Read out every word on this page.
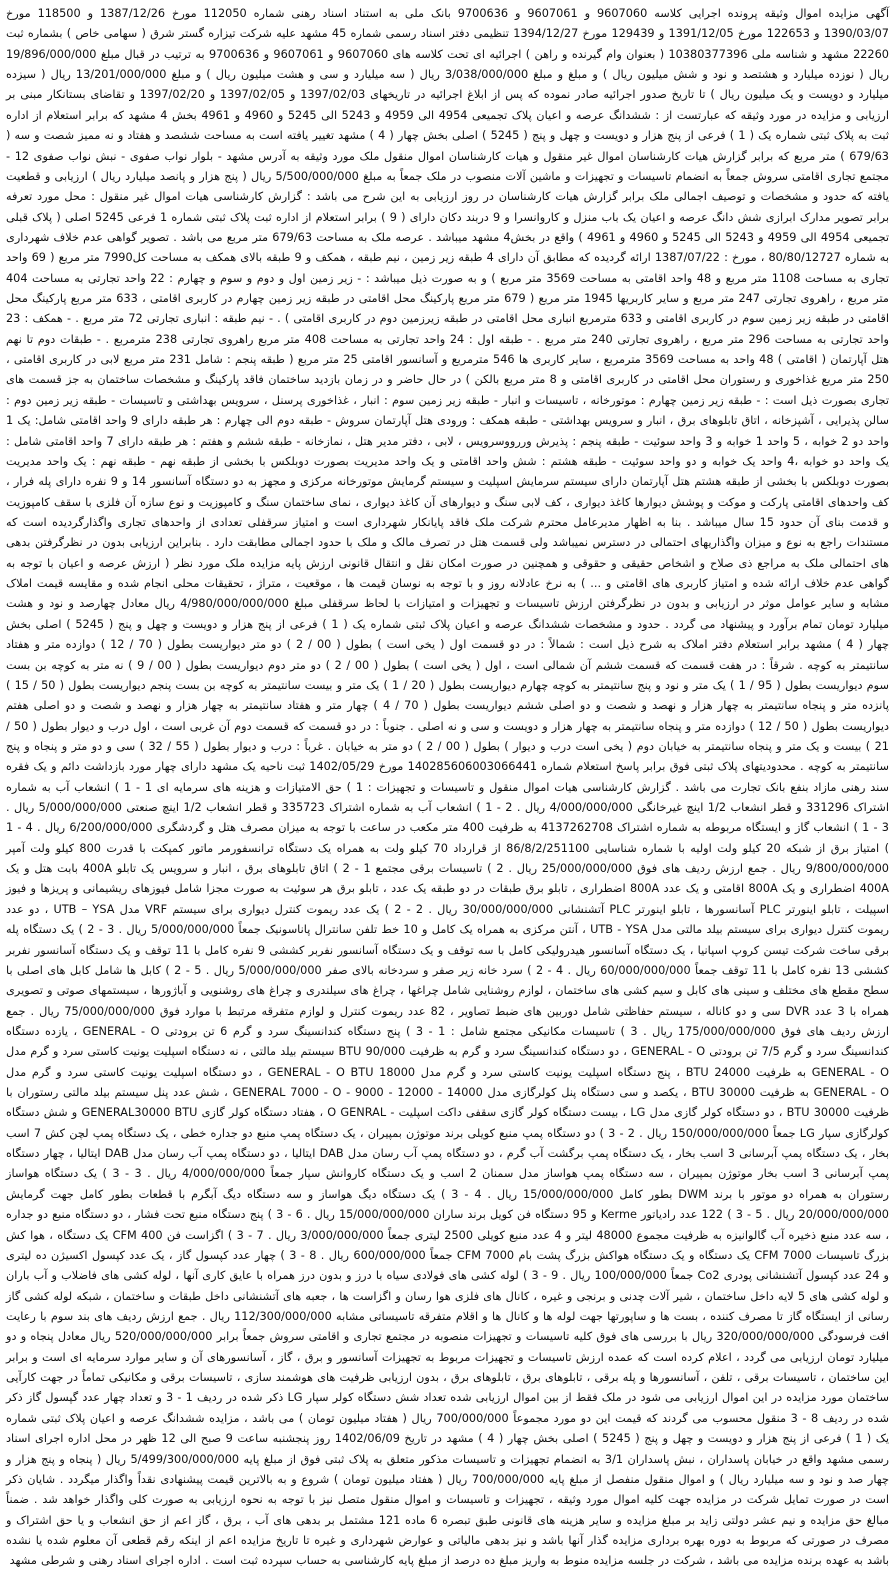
آگهی مزایده اموال وثیقه پرونده اجرایی کلاسه 9607060 و 9607061 و 9700636 بانک ملی به استناد اسناد رهنی شماره 112050 مورخ 1387/12/26 و 118500 مورخ 1390/03/07 و 122653 مورخ 1391/12/05 و 129439 مورخ 1394/12/27 تنظیمی دفتر اسناد رسمی شماره 45 مشهد علیه شرکت تیزاره گستر شرق ( سهامی خاص ) بشماره ثبت 22260 مشهد و شناسه ملی 10380377396 ( بعنوان وام گیرنده و راهن ) اجرائیه ای تحت کلاسه های 9607060 و 9607061 و 9700636 به ترتیب در قبال مبلغ 19/896/000/000 ریال ( نوزده میلیارد و هشتصد و نود و شش میلیون ریال ) و مبلغ و مبلغ 3/038/000/000 ریال ( سه میلیارد و سی و هشت میلیون ریال ) و مبلغ 13/201/000/000 ریال ( سیزده میلیارد و دویست و یک میلیون ریال ) تا تاریخ صدور اجرائیه صادر نموده که پس از ابلاغ اجرائیه در تاریخهای 1397/02/03 و 1397/02/05 و 1397/02/20 و تقاضای بستانکار مبنی بر ارزیابی و مزایده در مورد وثیقه که عبارتست از : ششدانگ عرصه و اعیان پلاک تجمیعی 4954 الی 4959 و 5243 الی 5245 و 4960 و 4961 بخش 4 مشهد که برابر استعلام از اداره ثبت به پلاک ثبتی شماره یک ( 1 ) فرعی از پنج هزار و دویست و چهل و پنج ( 5245 ) اصلی بخش چهار ( 4 ) مشهد تغییر یافته است به مساحت ششصد و هفتاد و نه ممیز شصت و سه ( 679/63 ) متر مربع که برابر گزارش هیات کارشناسان اموال غیر منقول و هیات کارشناسان اموال منقول ملک مورد وثیقه به آدرس مشهد - بلوار نواب صفوی - نبش نواب صفوی 12 - مجتمع تجاری اقامتی سروش جمعاً به انضمام تاسیسات و تجهیزات و ماشین آلات منصوب در ملک جمعاً به مبلغ 5/500/000/000 ریال ( پنج هزار و پانصد میلیارد ریال ) ارزیابی و قطعیت یافته که حدود و مشخصات و توصیف اجمالی ملک برابر گزارش هیات کارشناسان در روز ارزیابی به این شرح می باشد : گزارش کارشناسی هیات اموال غیر منقول : محل مورد تعرفه برابر تصویر مدارک ابرازی شش دانگ عرصه و اعیان یک باب منزل و کاروانسرا و 9 دربند دکان دارای ( 9 ) برابر استعلام از اداره ثبت پلاک ثبتی شماره 1 فرعی 5245 اصلی ( پلاک قبلی تجمیعی 4954 الی 4959 و 5243 الی 5245 و 4960 و 4961 ) واقع در بخش4 مشهد میباشد . عرصه ملک به مساحت 679/63 متر مربع می باشد . تصویر گواهی عدم خلاف شهرداری به شماره 80/80/12727 ، مورخ : 1387/07/22 ارائه گردیده که مطابق آن دارای 4 طبقه زیر زمین ، نیم طبقه ، همکف و 9 طبقه بالای همکف به مساحت کل7990 متر مربع ( 69 واحد تجاری به مساحت 1108 متر مربع و 48 واحد اقامتی به مساحت 3569 متر مربع ) و به صورت ذیل میباشد : - زیر زمین اول و دوم و سوم و چهارم : 22 واحد تجارتی به مساحت 404 متر مربع ، راهروی تجارتی 247 متر مربع و سایر کاربریها 1945 متر مربع ( 679 متر مربع پارکینگ محل اقامتی در طبقه زیر زمین چهارم در کاربری اقامتی ، 633 متر مربع پارکینگ محل اقامتی در طبقه زیر زمین سوم در کاربری اقامتی و 633 مترمربع انباری محل اقامتی در طبقه زیرزمین دوم در کاربری اقامتی ) . - نیم طبقه : انباری تجارتی 72 متر مربع . - همکف : 23 واحد تجارتی به مساحت 296 متر مربع ، راهروی تجارتی 240 متر مربع . - طبقه اول : 24 واحد تجارتی به مساحت 408 متر مربع راهروی تجارتی 238 مترمربع . - طبقات دوم تا نهم هتل آپارتمان ( اقامتی ) 48 واحد به مساحت 3569 مترمربع ، سایر کاربری ها 546 مترمربع و آسانسور اقامتی 25 متر مربع ( طبقه پنجم : شامل 231 متر مربع لابی در کاربری اقامتی ، 250 متر مربع غذاخوری و رستوران محل اقامتی در کاربری اقامتی و 8 متر مربع بالکن ) در حال حاضر و در زمان بازدید ساختمان فاقد پارکینگ و مشخصات ساختمان به جز قسمت های تجاری بصورت ذیل است : - طبقه زیر زمین چهارم : موتورخانه ، تاسیسات و انبار - طبقه زیر زمین سوم : انبار ، غذاخوری پرسنل ، سرویس بهداشتی و تاسیسات - طبقه زیر زمین دوم : سالن پذیرایی ، آشپزخانه ، اتاق تابلوهای برق ، انبار و سرویس بهداشتی - طبقه همکف : ورودی هتل آپارتمان سروش - طبقه دوم الی چهارم : هر طبقه دارای 9 واحد اقامتی شامل: یک 1 واحد دو 2 خوابه ، 5 واحد 1 خوابه و 3 واحد سوئیت - طبقه پنجم : پذیرش وررووسرویس ، لابی ، دفتر مدیر هتل ، نمازخانه - طبقه ششم و هفتم : هر طبقه دارای 7 واحد اقامتی شامل : یک واحد دو خوابه ،4 واحد یک خوابه و دو واحد سوئیت - طبقه هشتم : شش واحد اقامتی و یک واحد مدیریت بصورت دوبلکس با بخشی از طبقه نهم - طبقه نهم : یک واحد مدیریت بصورت دوبلکس با بخشی از طبقه هشتم هتل آپارتمان دارای سیستم سرمایش اسپلیت و سیستم گرمایش موتورخانه مرکزی و مجهز به دو دستگاه آسانسور 14 و 9 نفره دارای پله فرار ، کف واحدهای اقامتی پارکت و موکت و پوشش دیوارها کاغذ دیواری ، کف لابی سنگ و دیوارهای آن کاغذ دیواری ، نمای ساختمان سنگ و کامپوزیت و نوع سازه آن فلزی با سقف کامپوزیت و قدمت بنای آن حدود 15 سال میباشد . بنا به اظهار مدیرعامل محترم شرکت ملک فاقد پایانکار شهرداری است و امتیاز سرقفلی تعدادی از واحدهای تجاری واگذارگردیده است که مستندات راجع به نوع و میزان واگذاریهای احتمالی در دسترس نمیباشد ولی قسمت هتل در تصرف مالک و ملک با حدود اجمالی مطابقت دارد . بنابراین ارزیابی بدون در نظرگرفتن بدهی های احتمالی ملک به مراجع ذی صلاح و اشخاص حقیقی و حقوقی و همچنین در صورت امکان نقل و انتقال قانونی ارزش پایه مزایده ملک مورد نظر ( ارزش عرصه و اعیان با توجه به گواهی عدم خلاف ارائه شده و امتیاز کاربری های اقامتی و ... ) به نرخ عادلانه روز و با توجه به نوسان قیمت ها ، موقعیت ، متراژ ، تحقیقات محلی انجام شده و مقایسه قیمت املاک مشابه و سایر عوامل موثر در ارزیابی و بدون در نظرگرفتن ارزش تاسیسات و تجهیزات و امتیازات با لحاظ سرقفلی مبلغ 4/980/000/000/000 ریال معادل چهارصد و نود و هشت میلیارد تومان تمام برآورد و پیشنهاد می گردد . حدود و مشخصات ششدانگ عرصه و اعیان پلاک ثبتی شماره یک ( 1 ) فرعی از پنج هزار و دویست و چهل و پنج ( 5245 ) اصلی بخش چهار ( 4 ) مشهد برابر استعلام دفتر املاک به شرح ذیل است : شمالاً : در دو قسمت اول ( یخی است ) بطول ( 00 / 2 ) دو متر دیواریست بطول ( 70 / 12 ) دوازده متر و هفتاد سانتیمتر به کوچه . شرقاً : در هفت قسمت که قسمت ششم آن شمالی است ، اول ( یخی است ) بطول ( 00 / 2 ) دو متر دوم دیواریست بطول ( 00 / 9 ) نه متر به کوچه بن بست سوم دیواریست بطول ( 95 / 1 ) یک متر و نود و پنج سانتیمتر به کوچه چهارم دیواریست بطول ( 20 / 1 ) یک متر و بیست سانتیمتر به کوچه بن بست پنجم دیواریست بطول ( 50 / 15 ) پانزده متر و پنجاه سانتیمتر به چهار هزار و نهصد و شصت و دو اصلی ششم دیواریست بطول ( 70 / 4 ) چهار متر و هفتاد سانتیمتر به چهار هزار و نهصد و شصت و دو اصلی هفتم دیواریست بطول ( 50 / 12 ) دوازده متر و پنجاه سانتیمتر به چهار هزار و دویست و سی و نه اصلی . جنوباً : در دو قسمت که قسمت دوم آن غربی است ، اول درب و دیوار بطول ( 50 / 21 ) بیست و یک متر و پنجاه سانتیمتر به خیابان دوم ( یخی است درب و دیوار ) بطول ( 00 / 2 ) دو متر به خیابان . غرباً : درب و دیوار بطول ( 55 / 32 ) سی و دو متر و پنجاه و پنج سانتیمتر به کوچه . محدودیتهای پلاک ثبتی فوق برابر پاسخ استعلام شماره 140285606003066441 مورخ 1402/05/29 ثبت ناحیه یک مشهد دارای چهار مورد بازداشت دائم و یک فقره سند رهنی مازاد بنفع بانک تجارت می باشد . گزارش کارشناسی هیات اموال منقول و تاسیسات و تجهیزات : 1 ) حق الامتیازات و هزینه های سرمایه ای 1 - 1 ) انشعاب آب به شماره اشتراک 331296 و قطر انشعاب 1/2 اینچ غیرخانگی 4/000/000/000 ریال . 2 - 1 ) انشعاب آب به شماره اشتراک 335723 و قطر انشعاب 1/2 اینچ صنعتی 5/000/000/000 ریال . 3 - 1 ) انشعاب گاز و ایستگاه مربوطه به شماره اشتراک 4137262708 به ظرفیت 400 متر مکعب در ساعت با توجه به میزان مصرف هتل و گردشگری 6/200/000/000 ریال . 4 - 1 ) امتیاز برق از شبکه 20 کیلو ولت اولیه با شماره شناسایی 86/8/2/251100 از قرارداد 70 کیلو ولت به همراه یک دستگاه ترانسفورمر ماتور کمپکت با قدرت 800 کیلو ولت آمپر 9/800/000/000 ریال . جمع ارزش ردیف های فوق 25/000/000/000 ریال . 2 ) تاسیسات برقی مجتمع 1 - 2 ) اتاق تابلوهای برق ، انبار و سرویس یک تابلو 400A بابت هتل و یک 400A اضطراری و یک 800A اقامتی و یک عدد 800A اضطراری ، تابلو برق طبقات در دو طبقه یک عدد ، تابلو برق هر سوئیت به صورت مجزا شامل فیوزهای ریشیمانی و پریزها و فیوز اسپیلت ، تابلو اینورتر PLC آسانسورها ، تابلو اینورتر PLC آتشنشانی 30/000/000/000 ریال . 2 - 2 ) یک عدد ریموت کنترل دیواری برای سیستم VRF مدل UTB – YSA ، دو عدد ریموت کنترل دیواری برای سیستم بیلد مالتی مدل UTB - YSA ، آنتن مرکزی به همراه یک کامل و 10 خط تلفن سانترال پاناسونیک جمعاً 5/000/000/000 ریال . 3 - 2 ) یک دستگاه پله برقی ساخت شرکت تیسن کروپ اسپانیا ، یک دستگاه آسانسور هیدرولیکی کامل با سه توقف و یک دستگاه آسانسور نفربر کششی 9 نفره کامل با 11 توقف و یک دستگاه آسانسور نفربر کششی 13 نفره کامل با 11 توقف جمعاً 60/000/000/000 ریال . 4 - 2 ) سرد خانه زیر صفر و سردخانه بالای صفر 5/000/000/000 ریال . 5 - 2 ) کابل ها شامل کابل های اصلی با سطح مقطع های مختلف و سینی های کابل و سیم کشی های ساختمان ، لوازم روشنایی شامل چراغها ، چراغ های سیلندری و چراغ های روشنویی و آباژورها ، سیستمهای صوتی و تصویری همراه با 3 عدد DVR سی و دو کاناله ، سیستم حفاظتی شامل دوربین های ضبط تصاویر ، 82 عدد ریموت کنترل و لوازم متفرقه مرتبط با موارد فوق 75/000/000/000 ریال . جمع ارزش ردیف های فوق 175/000/000/000 ریال . 3 ) تاسیسات مکانیکی مجتمع شامل : 1 - 3 ) پنج دستگاه کندانسینگ سرد و گرم 6 تن برودتی GENERAL - O ، یازده دستگاه کندانسینگ سرد و گرم 7/5 تن برودتی GENERAL - O ، دو دستگاه کندانسینگ سرد و گرم به ظرفیت 90/000 BTU سیستم بیلد مالتی ، نه دستگاه اسپلیت یونیت کاستی سرد و گرم مدل GENERAL - O به ظرفیت 24000 BTU ، پنج دستگاه اسپلیت یونیت کاستی سرد و گرم مدل GENERAL - O BTU 18000 ، دو دستگاه اسپلیت یونیت کاستی سرد و گرم مدل GENERAL - O به ظرفیت 30000 BTU ، یکصد و سی دستگاه پنل کولرگازی مدل 14000 - 12000 - 9000 - GENERAL 7000 - O ، شش عدد پنل سیستم بیلد مالتی رستوران با ظرفیت BTU 30000 ، دو دستگاه کولر گازی مدل LG ، بیست دستگاه کولر گازی سقفی داکت اسپلیت - O GENRAL ، هفتاد دستگاه کولر گازی GENERAL30000 BTU و شش دستگاه کولرگازی سپار LG جمعاً 150/000/000/000 ریال . 2 - 3 ) دو دستگاه پمپ منبع کویلی برند موتوژن بمپیران ، یک دستگاه پمپ منبع دو جداره خطی ، یک دستگاه پمپ لچن کش 7 اسب بخار ، یک دستگاه پمپ آبرسانی 3 اسب بخار ، یک دستگاه پمپ برگشت آب گرم ، دو دستگاه پمپ آب رسان مدل DAB ایتالیا ، دو دستگاه پمپ آب رسان مدل DAB ایتالیا ، چهار دستگاه پمپ آبرسانی 3 اسب بخار موتوژن بمپیران ، سه دستگاه پمپ هواساز مدل سمنان 2 اسب و یک دستگاه کاروانش سپار جمعاً 4/000/000/000 ریال . 3 - 3 ) یک دستگاه هواساز رستوران به همراه دو موتور با برند DWM بطور کامل 15/000/000/000 ریال . 4 - 3 ) یک دستگاه دیگ هواساز و سه دستگاه دیگ آبگرم با قطعات بطور کامل جهت گرمایش 20/000/000/000 ریال . 5 - 3 ) 122 عدد رادیاتور Kerme و 95 دستگاه فن کویل برند ساران 15/000/000/000 ریال . 6 - 3 ) پنج دستگاه منبع تحت فشار ، دو دستگاه منبع دو جداره ، سه عدد منبع ذخیره آب گالوانیزه به ظرفیت مجموع 48000 لیتر و 4 عدد منبع کویلی 2500 لیتری جمعاً 3/000/000/000 ریال . 7 - 3 ) اگزاست فن 400 CFM یک دستگاه ، هوا کش بزرگ تاسیسات 7000 CFM یک دستگاه و یک دستگاه هواکش بزرگ پشت بام 7000 CFM جمعاً 600/000/000 ریال . 8 - 3 ) چهار عدد کپسول گاز ، یک عدد کپسول اکسیژن ده لیتری و 24 عدد کپسول آتشنشانی پودری Co2 جمعاً 100/000/000 ریال . 9 - 3 ) لوله کشی های فولادی سیاه با درز و بدون درز همراه با عایق کاری آنها ، لوله کشی های فاضلاب و آب باران و لوله کشی های 5 لایه داخل ساختمان ، شیر آلات چدنی و برنجی و غیره ، کانال های فلزی هوا رسان و اگزاست ها ، جعبه های آتشنشانی داخل طبقات و ساختمان ، شبکه لوله کشی گاز رسانی از ایستگاه گاز تا مصرف کننده ، بست ها و ساپورتها جهت لوله ها و کانال ها و اقلام متفرقه تاسیساتی مشابه 112/300/000/000 ریال . جمع ارزش ردیف های بند سوم با رعایت افت فرسودگی 320/000/000/000 ریال با بررسی های فوق کلیه تاسیسات و تجهیزات منصوبه در مجتمع تجاری و اقامتی سروش جمعاً برابر 520/000/000/000 ریال معادل پنجاه و دو میلیارد تومان ارزیابی می گردد ، اعلام کرده است که عمده ارزش تاسیسات و تجهیزات مربوط به تجهیزات آسانسور و برق ، گاز ، آسانسورهای آن و سایر موارد سرمایه ای است و برابر این ساختمان ، تاسیسات برقی ، تلفن ، آسانسورها و پله برقی ، تابلوهای برق ، تابلوهای برق ، بدون ارزیابی ظرفیت های هوشمند سازی ، تاسیسات برقی و مکانیکی تماماً در جهت کارآیی ساختمان مورد مزایده در این اموال ارزیابی می شود در ملک فقط از بین اموال ارزیابی شده تعداد شش دستگاه کولر سپار LG ذکر شده در ردیف 1 - 3 و تعداد چهار عدد گپسول گاز ذکر شده در ردیف 8 - 3 منقول محسوب می گردند که قیمت این دو مورد مجموعاً 700/000/000 ریال ( هفتاد میلیون تومان ) می باشد ، مزایده ششدانگ عرصه و اعیان پلاک ثبتی شماره یک ( 1 ) فرعی از پنج هزار و دویست و چهل و پنج ( 5245 ) اصلی بخش چهار ( 4 ) مشهد در تاریخ 1402/06/09 روز پنجشنبه ساعت 9 صبح الی 12 ظهر در محل اداره اجرای اسناد رسمی مشهد واقع در خیابان پاسداران ، نبش پاسداران 3/1 به انضمام تجهیزات و تاسیسات مذکور متعلق به پلاک ثبتی فوق از مبلغ پایه 5/499/300/000/000 ریال ( پنجاه و پنج هزار و چهار صد و نود و سه میلیارد ریال ) و اموال منقول منفصل از مبلغ پایه 700/000/000 ریال ( هفتاد میلیون تومان ) شروع و به بالاترین قیمت پیشنهادی نقداً واگذار میگردد . شایان ذکر است در صورت تمایل شرکت در مزایده جهت کلیه اموال مورد وثیقه ، تجهیزات و تاسیسات و اموال منقول متصل نیز با توجه به نحوه ارزیابی به صورت کلی واگذار خواهد شد . ضمناً مبالغ حق مزایده و نیم عشر دولتی زاید بر مبلغ مزایده و سایر هزینه های قانونی طبق تبصره 6 ماده 121 مشتمل بر بدهی های آب ، برق ، گاز اعم از حق انشعاب و یا حق اشتراک و مصرف در صورتی که مربوط به دوره بهره برداری مزایده گذار آنها باشد و نیز بدهی مالیاتی و عوارض شهرداری و غیره تا تاریخ مزایده اعم از اینکه رقم قطعی آن معلوم شده یا نشده باشد به عهده برنده مزایده می باشد ، شرکت در جلسه مزایده منوط به واریز مبلغ ده درصد از مبلغ پایه کارشناسی به حساب سپرده ثبت است . اداره اجرای اسناد رهنی و شرطی مشهد
